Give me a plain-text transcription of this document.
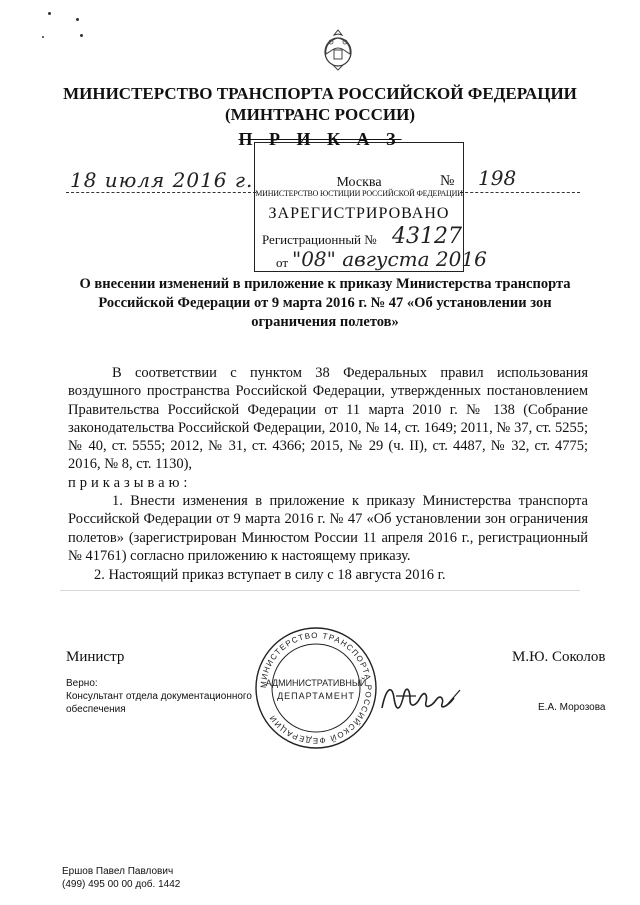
МИНИСТЕРСТВО ТРАНСПОРТА РОССИЙСКОЙ ФЕДЕРАЦИИ
(МИНТРАНС РОССИИ)
П Р И К А З
18 июля 2016 г.	№ 198
Москва
МИНИСТЕРСТВО ЮСТИЦИИ РОССИЙСКОЙ ФЕДЕРАЦИИ
ЗАРЕГИСТРИРОВАНО
Регистрационный № 43127
от "08" августа 2016
О внесении изменений в приложение к приказу Министерства транспорта Российской Федерации от 9 марта 2016 г. № 47 «Об установлении зон ограничения полетов»
В соответствии с пунктом 38 Федеральных правил использования воздушного пространства Российской Федерации, утвержденных постановлением Правительства Российской Федерации от 11 марта 2010 г. № 138 (Собрание законодательства Российской Федерации, 2010, № 14, ст. 1649; 2011, № 37, ст. 5255; № 40, ст. 5555; 2012, № 31, ст. 4366; 2015, № 29 (ч. II), ст. 4487, № 32, ст. 4775; 2016, № 8, ст. 1130),
приказываю:
1. Внести изменения в приложение к приказу Министерства транспорта Российской Федерации от 9 марта 2016 г. № 47 «Об установлении зон ограничения полетов» (зарегистрирован Минюстом России 11 апреля 2016 г., регистрационный № 41761) согласно приложению к настоящему приказу.
2. Настоящий приказ вступает в силу с 18 августа 2016 г.
Министр	М.Ю. Соколов
Верно:
Консультант отдела документационного обеспечения	Е.А. Морозова
МИНИСТЕРСТВО ТРАНСПОРТА РОССИЙСКОЙ ФЕДЕРАЦИИ
АДМИНИСТРАТИВНЫЙ
ДЕПАРТАМЕНТ
Ершов Павел Павлович
(499) 495 00 00 доб. 1442
